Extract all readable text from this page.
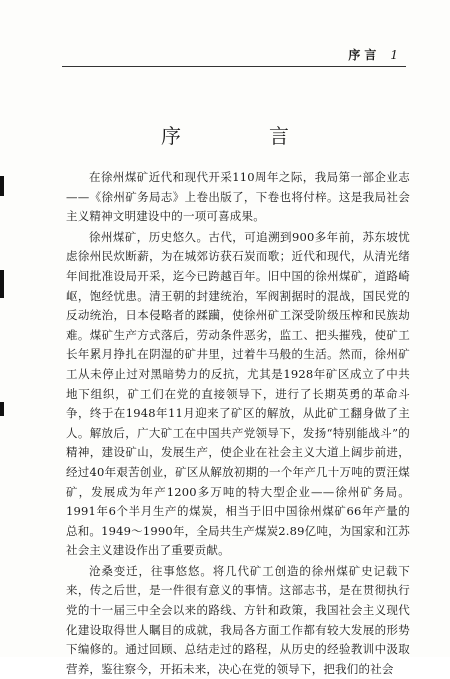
序言 1
序　言

在徐州煤矿近代和现代开采110周年之际，我局第一部企业志——《徐州矿务局志》上卷出版了，下卷也将付梓。这是我局社会主义精神文明建设中的一项可喜成果。

徐州煤矿，历史悠久。古代，可追溯到900多年前，苏东坡忧虑徐州民炊断薪，为在城郊访获石炭而歌；近代和现代，从清光绪年间批准设局开采，迄今已跨越百年。旧中国的徐州煤矿，道路崎岖，饱经忧患。清王朝的封建统治，军阀割据时的混战，国民党的反动统治，日本侵略者的蹂躏，使徐州矿工深受阶级压榨和民族劫难。煤矿生产方式落后，劳动条件恶劣，监工、把头摧残，使矿工长年累月挣扎在阴湿的矿井里，过着牛马般的生活。然而，徐州矿工从未停止过对黑暗势力的反抗，尤其是1928年矿区成立了中共地下组织，矿工们在党的直接领导下，进行了长期英勇的革命斗争，终于在1948年11月迎来了矿区的解放，从此矿工翻身做了主人。解放后，广大矿工在中国共产党领导下，发扬“特别能战斗”的精神，建设矿山，发展生产，使企业在社会主义大道上阔步前进，经过40年艰苦创业，矿区从解放初期的一个年产几十万吨的贾汪煤矿，发展成为年产1200多万吨的特大型企业——徐州矿务局。1991年6个半月生产的煤炭，相当于旧中国徐州煤矿66年产量的总和。1949～1990年，全局共生产煤炭2.89亿吨，为国家和江苏社会主义建设作出了重要贡献。

沧桑变迁，往事悠悠。将几代矿工创造的徐州煤矿史记载下来，传之后世，是一件很有意义的事情。这部志书，是在贯彻执行党的十一届三中全会以来的路线、方针和政策，我国社会主义现代化建设取得世人瞩目的成就，我局各方面工作都有较大发展的形势下编修的。通过回顾、总结走过的路程，从历史的经验教训中汲取营养，鉴往察今，开拓未来，决心在党的领导下，把我们的社会
